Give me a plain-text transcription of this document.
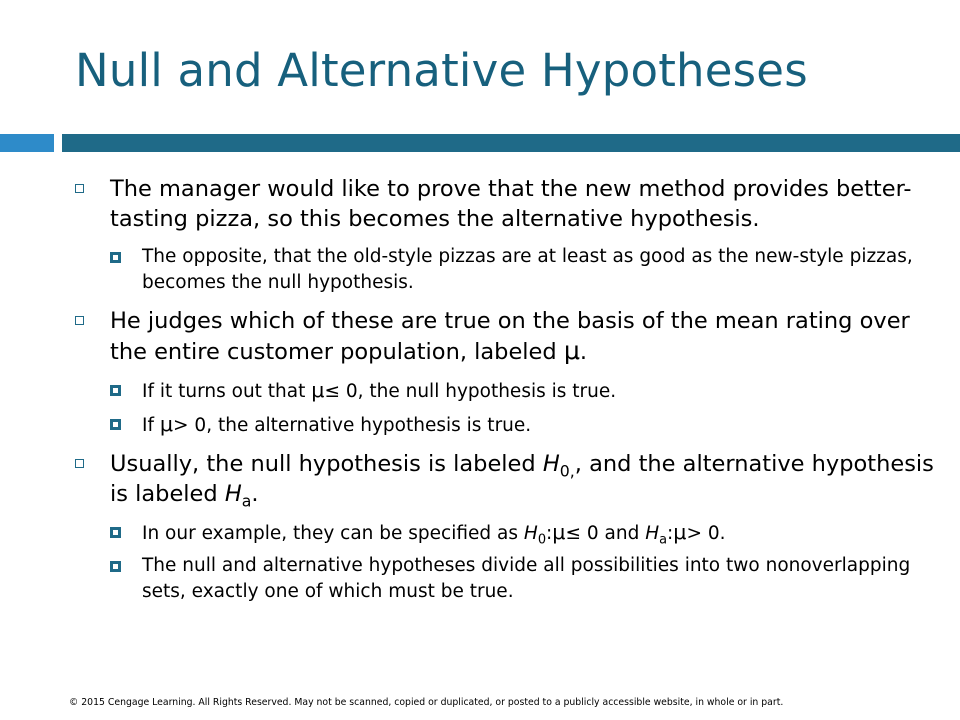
Null and Alternative Hypotheses
The manager would like to prove that the new method provides better-tasting pizza, so this becomes the alternative hypothesis.
The opposite, that the old-style pizzas are at least as good as the new-style pizzas, becomes the null hypothesis.
He judges which of these are true on the basis of the mean rating over the entire customer population, labeled μ.
If it turns out that μ≤ 0, the null hypothesis is true.
If μ> 0, the alternative hypothesis is true.
Usually, the null hypothesis is labeled $H_{0,}$, and the alternative hypothesis is labeled $H_a$.
In our example, they can be specified as $H_0:\mu\le 0$ and $H_a:\mu> 0$.
The null and alternative hypotheses divide all possibilities into two nonoverlapping sets, exactly one of which must be true.
© 2015 Cengage Learning. All Rights Reserved. May not be scanned, copied or duplicated, or posted to a publicly accessible website, in whole or in part.
